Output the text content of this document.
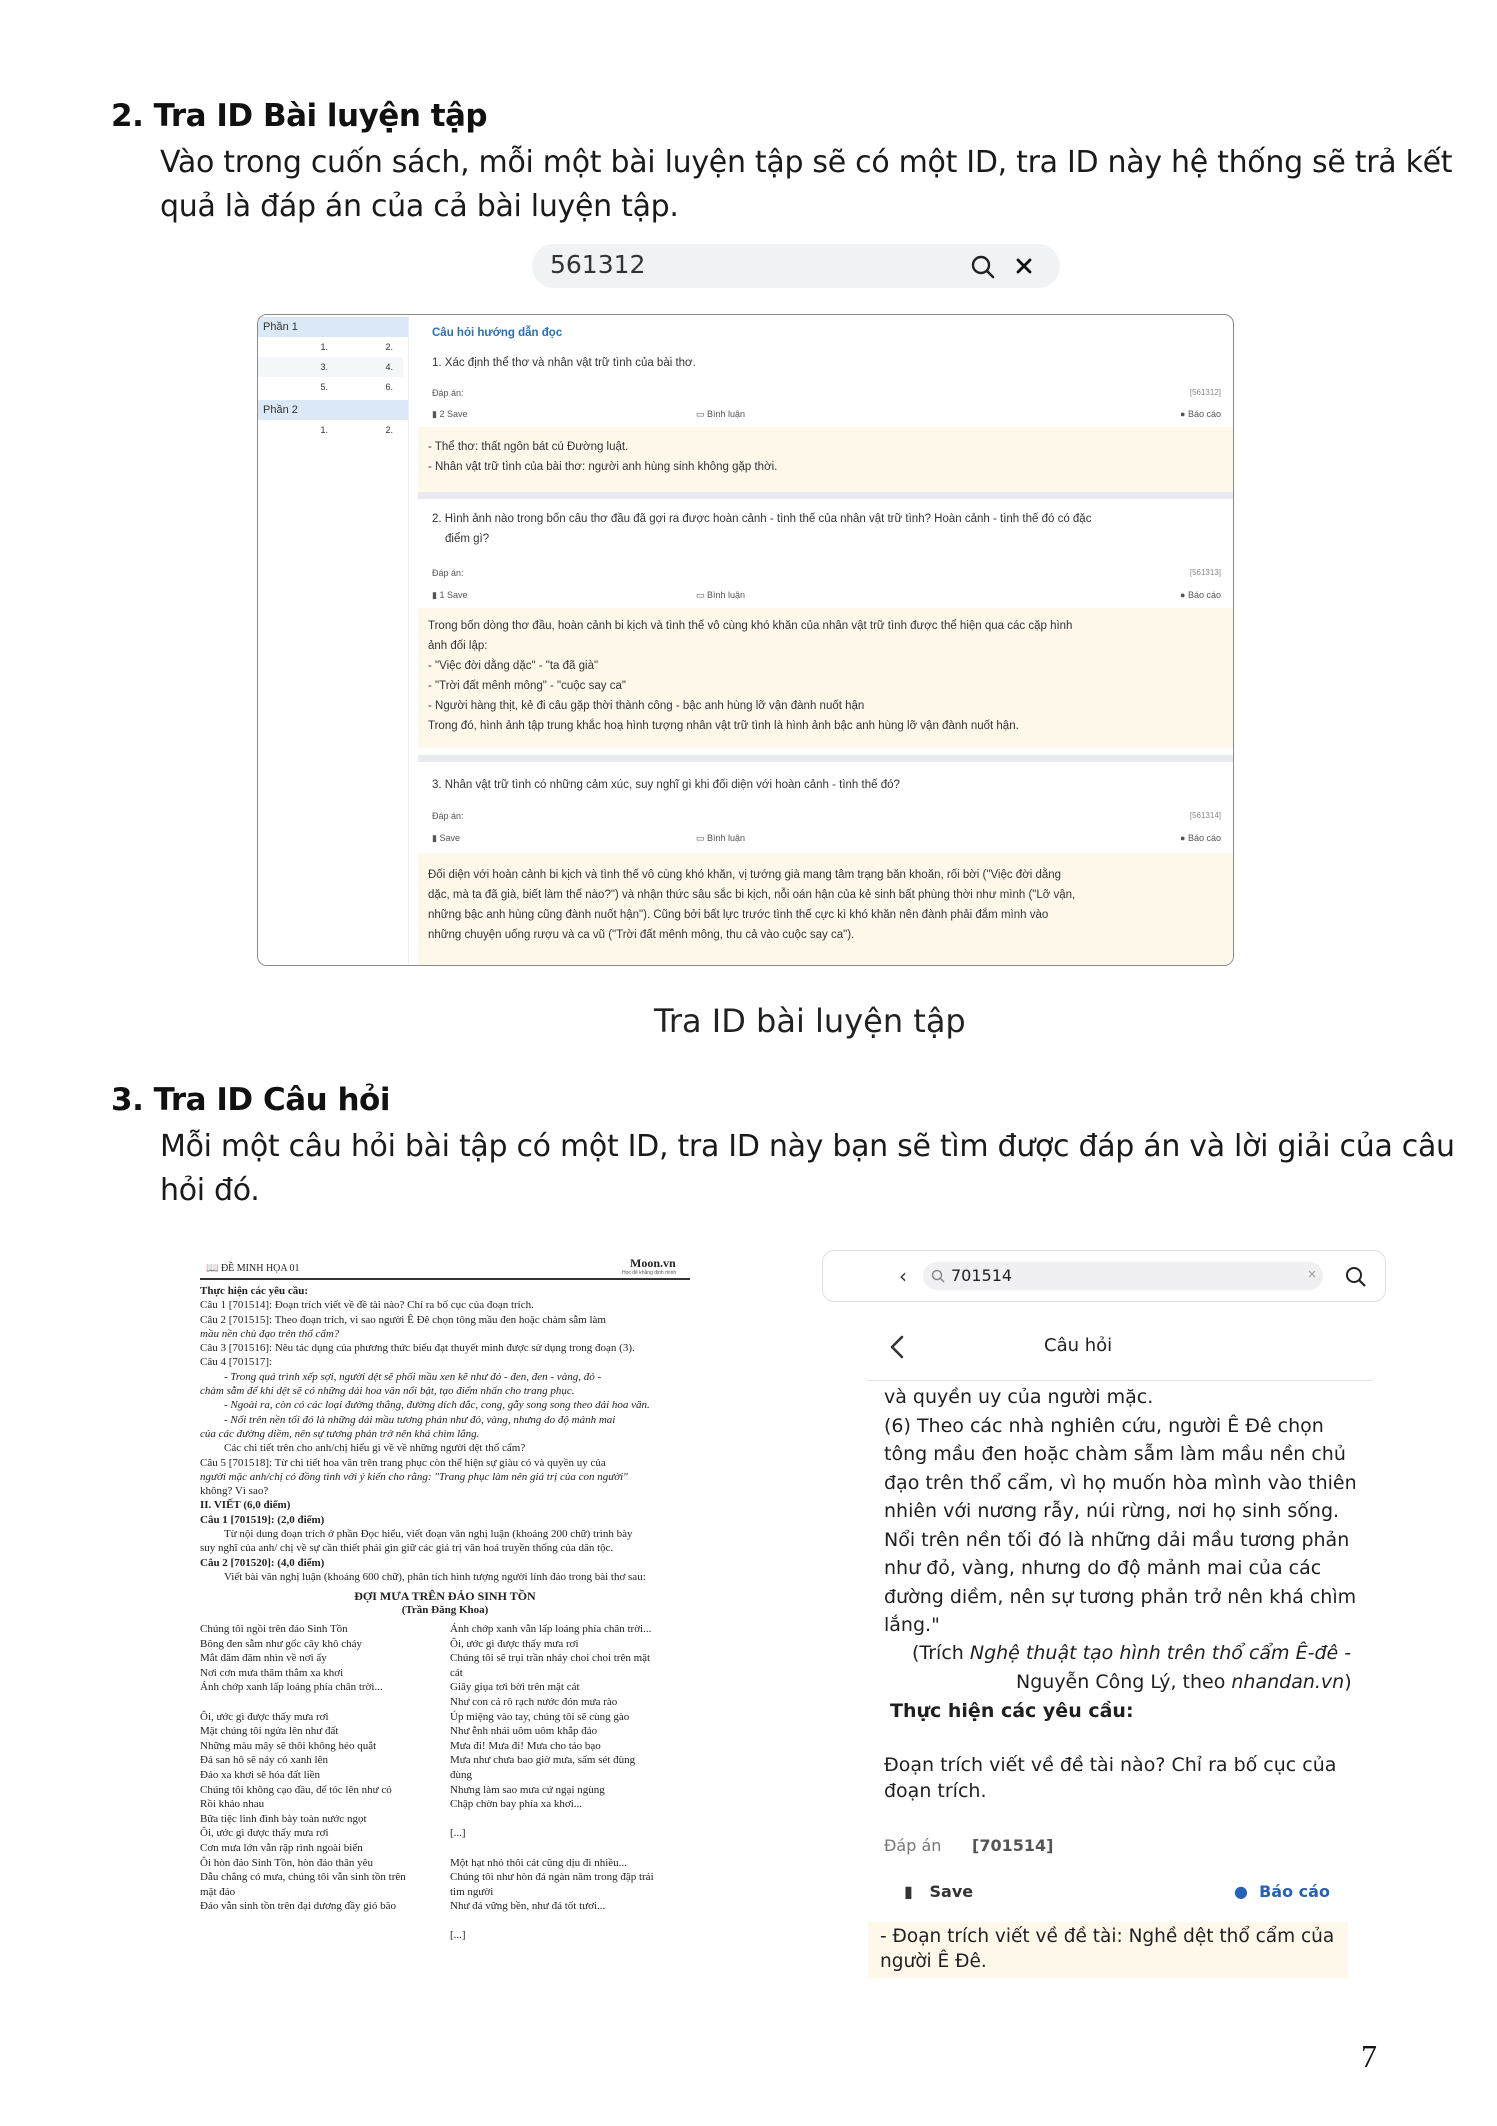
2. Tra ID Bài luyện tập
Vào trong cuốn sách, mỗi một bài luyện tập sẽ có một ID, tra ID này hệ thống sẽ trả kết
quả là đáp án của cả bài luyện tập.
561312
Phần 1
1.	2.
3.	4.
5.	6.
Phần 2
1.	2.
Câu hỏi hướng dẫn đọc
1. Xác định thể thơ và nhân vật trữ tình của bài thơ.
Đáp án:	[561312]
▮ 2 Save	▭ Bình luận	● Báo cáo
- Thể thơ: thất ngôn bát cú Đường luật.
- Nhân vật trữ tình của bài thơ: người anh hùng sinh không gặp thời.
2. Hình ảnh nào trong bốn câu thơ đầu đã gợi ra được hoàn cảnh - tình thế của nhân vật trữ tình? Hoàn cảnh - tình thế đó có đặc
điểm gì?
Đáp án:	[561313]
▮ 1 Save	▭ Bình luận	● Báo cáo
Trong bốn dòng thơ đầu, hoàn cảnh bi kịch và tình thế vô cùng khó khăn của nhân vật trữ tình được thể hiện qua các cặp hình
ảnh đối lập:
- "Việc đời dằng dặc" - "ta đã già"
- "Trời đất mênh mông" - "cuộc say ca"
- Người hàng thịt, kẻ đi câu gặp thời thành công - bậc anh hùng lỡ vận đành nuốt hận
Trong đó, hình ảnh tập trung khắc hoạ hình tượng nhân vật trữ tình là hình ảnh bậc anh hùng lỡ vận đành nuốt hận.
3. Nhân vật trữ tình có những cảm xúc, suy nghĩ gì khi đối diện với hoàn cảnh - tình thế đó?
Đáp án:	[561314]
▮ Save	▭ Bình luận	● Báo cáo
Đối diện với hoàn cảnh bi kịch và tình thế vô cùng khó khăn, vị tướng già mang tâm trạng băn khoăn, rối bời ("Việc đời dằng
dặc, mà ta đã già, biết làm thế nào?") và nhận thức sâu sắc bi kịch, nỗi oán hận của kẻ sinh bất phùng thời như mình ("Lỡ vận,
những bậc anh hùng cũng đành nuốt hận"). Cũng bởi bất lực trước tình thế cực kì khó khăn nên đành phải đắm mình vào
những chuyện uống rượu và ca vũ ("Trời đất mênh mông, thu cả vào cuộc say ca").
Tra ID bài luyện tập
3. Tra ID Câu hỏi
Mỗi một câu hỏi bài tập có một ID, tra ID này bạn sẽ tìm được đáp án và lời giải của câu
hỏi đó.
📖 ĐỀ MINH HỌA 01	Moon.vn
Học để khẳng định mình
Thực hiện các yêu cầu:
Câu 1 [701514]: Đoạn trích viết về đề tài nào? Chỉ ra bố cục của đoạn trích.
Câu 2 [701515]: Theo đoạn trích, vì sao người Ê Đê chọn tông mầu đen hoặc chàm sẫm làm
mầu nền chủ đạo trên thổ cẩm?
Câu 3 [701516]: Nêu tác dụng của phương thức biểu đạt thuyết minh được sử dụng trong đoạn (3).
Câu 4 [701517]:
- Trong quá trình xếp sợi, người dệt sẽ phối mầu xen kẽ như đỏ - đen, đen - vàng, đỏ -
chàm sẫm để khi dệt sẽ có những dải hoa văn nổi bật, tạo điểm nhấn cho trang phục.
- Ngoài ra, còn có các loại đường thẳng, đường dích dắc, cong, gẫy song song theo dải hoa văn.
- Nổi trên nền tối đó là những dải mầu tương phản như đỏ, vàng, nhưng do độ mảnh mai
của các đường diềm, nên sự tương phản trở nên khá chìm lắng.
Các chi tiết trên cho anh/chị hiểu gì về về những người dệt thổ cẩm?
Câu 5 [701518]: Từ chi tiết hoa văn trên trang phục còn thể hiện sự giàu có và quyền uy của
người mặc anh/chị có đồng tình với ý kiến cho rằng: "Trang phục làm nên giá trị của con người"
không? Vì sao?
II. VIẾT (6,0 điểm)
Câu 1 [701519]: (2,0 điểm)
Từ nội dung đoạn trích ở phần Đọc hiểu, viết đoạn văn nghị luận (khoảng 200 chữ) trình bày
suy nghĩ của anh/ chị về sự cần thiết phải gìn giữ các giá trị văn hoá truyền thống của dân tộc.
Câu 2 [701520]: (4,0 điểm)
Viết bài văn nghị luận (khoảng 600 chữ), phân tích hình tượng người lính đảo trong bài thơ sau:
ĐỢI MƯA TRÊN ĐẢO SINH TỒN
(Trần Đăng Khoa)
Chúng tôi ngồi trên đảo Sinh Tồn
Bông đen sẫm như gốc cây khô cháy
Mắt đăm đăm nhìn về nơi ấy
Nơi cơn mưa thăm thẳm xa khơi
Ánh chớp xanh lấp loáng phía chân trời...
Ôi, ước gì được thấy mưa rơi
Mặt chúng tôi ngửa lên như đất
Những màu mây sẽ thôi không héo quắt
Đá san hô sẽ nảy cỏ xanh lên
Đảo xa khơi sẽ hóa đất liền
Chúng tôi không cạo đầu, để tóc lên như cỏ
Rồi khảo nhau
Bữa tiệc linh đình bày toàn nước ngọt
Ôi, ước gì được thấy mưa rơi
Cơn mưa lớn vẫn rập rình ngoài biển
Ôi hòn đảo Sinh Tồn, hòn đảo thân yêu
Dẫu chẳng có mưa, chúng tôi vẫn sinh tồn trên
mặt đảo
Đảo vẫn sinh tồn trên đại dương đầy gió bão
Ánh chớp xanh vẫn lấp loáng phía chân trời...
Ôi, ước gì được thấy mưa rơi
Chúng tôi sẽ trụi trần nhảy choi choi trên mặt
cát
Giây giụa tơi bời trên mặt cát
Như con cá rô rạch nước đón mưa rào
Úp miệng vào tay, chúng tôi sẽ cùng gào
Như ễnh nhái uôm uôm khắp đảo
Mưa đi! Mưa đi! Mưa cho tảo bạo
Mưa như chưa bao giờ mưa, sấm sét đùng
đùng
Nhưng làm sao mưa cứ ngại ngùng
Chập chờn bay phía xa khơi...
[...]
Một hạt nhỏ thôi cát cũng dịu đi nhiều...
Chúng tôi như hòn đá ngàn năm trong đập trái
tim người
Như đá vững bền, như đá tốt tươi...
[...]
‹	701514	×
Câu hỏi
và quyền uy của người mặc.
(6) Theo các nhà nghiên cứu, người Ê Đê chọn
tông mầu đen hoặc chàm sẫm làm mầu nền chủ
đạo trên thổ cẩm, vì họ muốn hòa mình vào thiên
nhiên với nương rẫy, núi rừng, nơi họ sinh sống.
Nổi trên nền tối đó là những dải mầu tương phản
như đỏ, vàng, nhưng do độ mảnh mai của các
đường diềm, nên sự tương phản trở nên khá chìm
lắng."
(Trích Nghệ thuật tạo hình trên thổ cẩm Ê-đê -
Nguyễn Công Lý, theo nhandan.vn)
Thực hiện các yêu cầu:
Đoạn trích viết về đề tài nào? Chỉ ra bố cục của
đoạn trích.
Đáp án [701514]
▮ Save	● Báo cáo
- Đoạn trích viết về đề tài: Nghề dệt thổ cẩm của
người Ê Đê.
7
